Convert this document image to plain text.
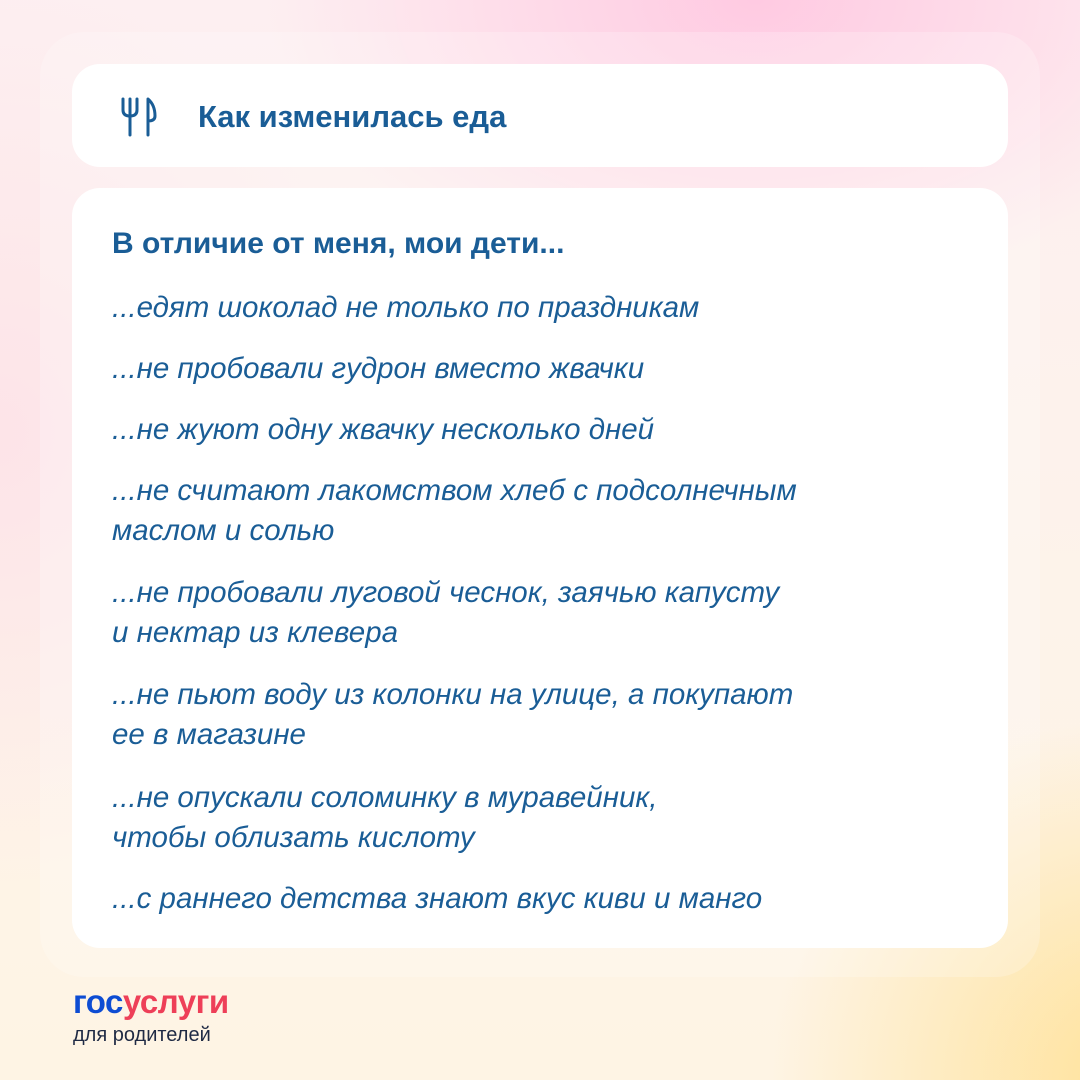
Как изменилась еда
В отличие от меня, мои дети...
...едят шоколад не только по праздникам
...не пробовали гудрон вместо жвачки
...не жуют одну жвачку несколько дней
...не считают лакомством хлеб с подсолнечным
маслом и солью
...не пробовали луговой чеснок, заячью капусту
и нектар из клевера
...не пьют воду из колонки на улице, а покупают
ее в магазине
...не опускали соломинку в муравейник,
чтобы облизать кислоту
...с раннего детства знают вкус киви и манго
госуслуги
для родителей
